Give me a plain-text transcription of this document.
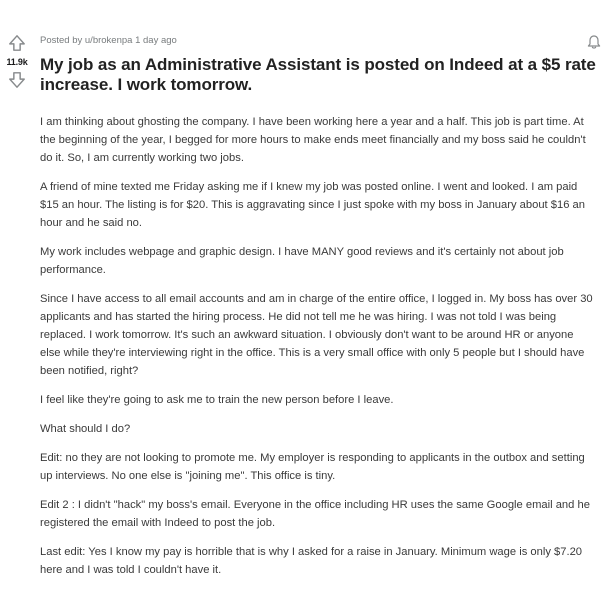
11.9k
Posted by u/brokenpa 1 day ago
My job as an Administrative Assistant is posted on Indeed at a $5 rate increase. I work tomorrow.

I am thinking about ghosting the company. I have been working here a year and a half. This job is part time. At the beginning of the year, I begged for more hours to make ends meet financially and my boss said he couldn't do it. So, I am currently working two jobs.

A friend of mine texted me Friday asking me if I knew my job was posted online. I went and looked. I am paid $15 an hour. The listing is for $20. This is aggravating since I just spoke with my boss in January about $16 an hour and he said no.

My work includes webpage and graphic design. I have MANY good reviews and it's certainly not about job performance.

Since I have access to all email accounts and am in charge of the entire office, I logged in. My boss has over 30 applicants and has started the hiring process. He did not tell me he was hiring. I was not told I was being replaced. I work tomorrow. It's such an awkward situation. I obviously don't want to be around HR or anyone else while they're interviewing right in the office. This is a very small office with only 5 people but I should have been notified, right?

I feel like they're going to ask me to train the new person before I leave.

What should I do?

Edit: no they are not looking to promote me. My employer is responding to applicants in the outbox and setting up interviews. No one else is "joining me". This office is tiny.

Edit 2 : I didn't "hack" my boss's email. Everyone in the office including HR uses the same Google email and he registered the email with Indeed to post the job.

Last edit: Yes I know my pay is horrible that is why I asked for a raise in January. Minimum wage is only $7.20 here and I was told I couldn't have it.
